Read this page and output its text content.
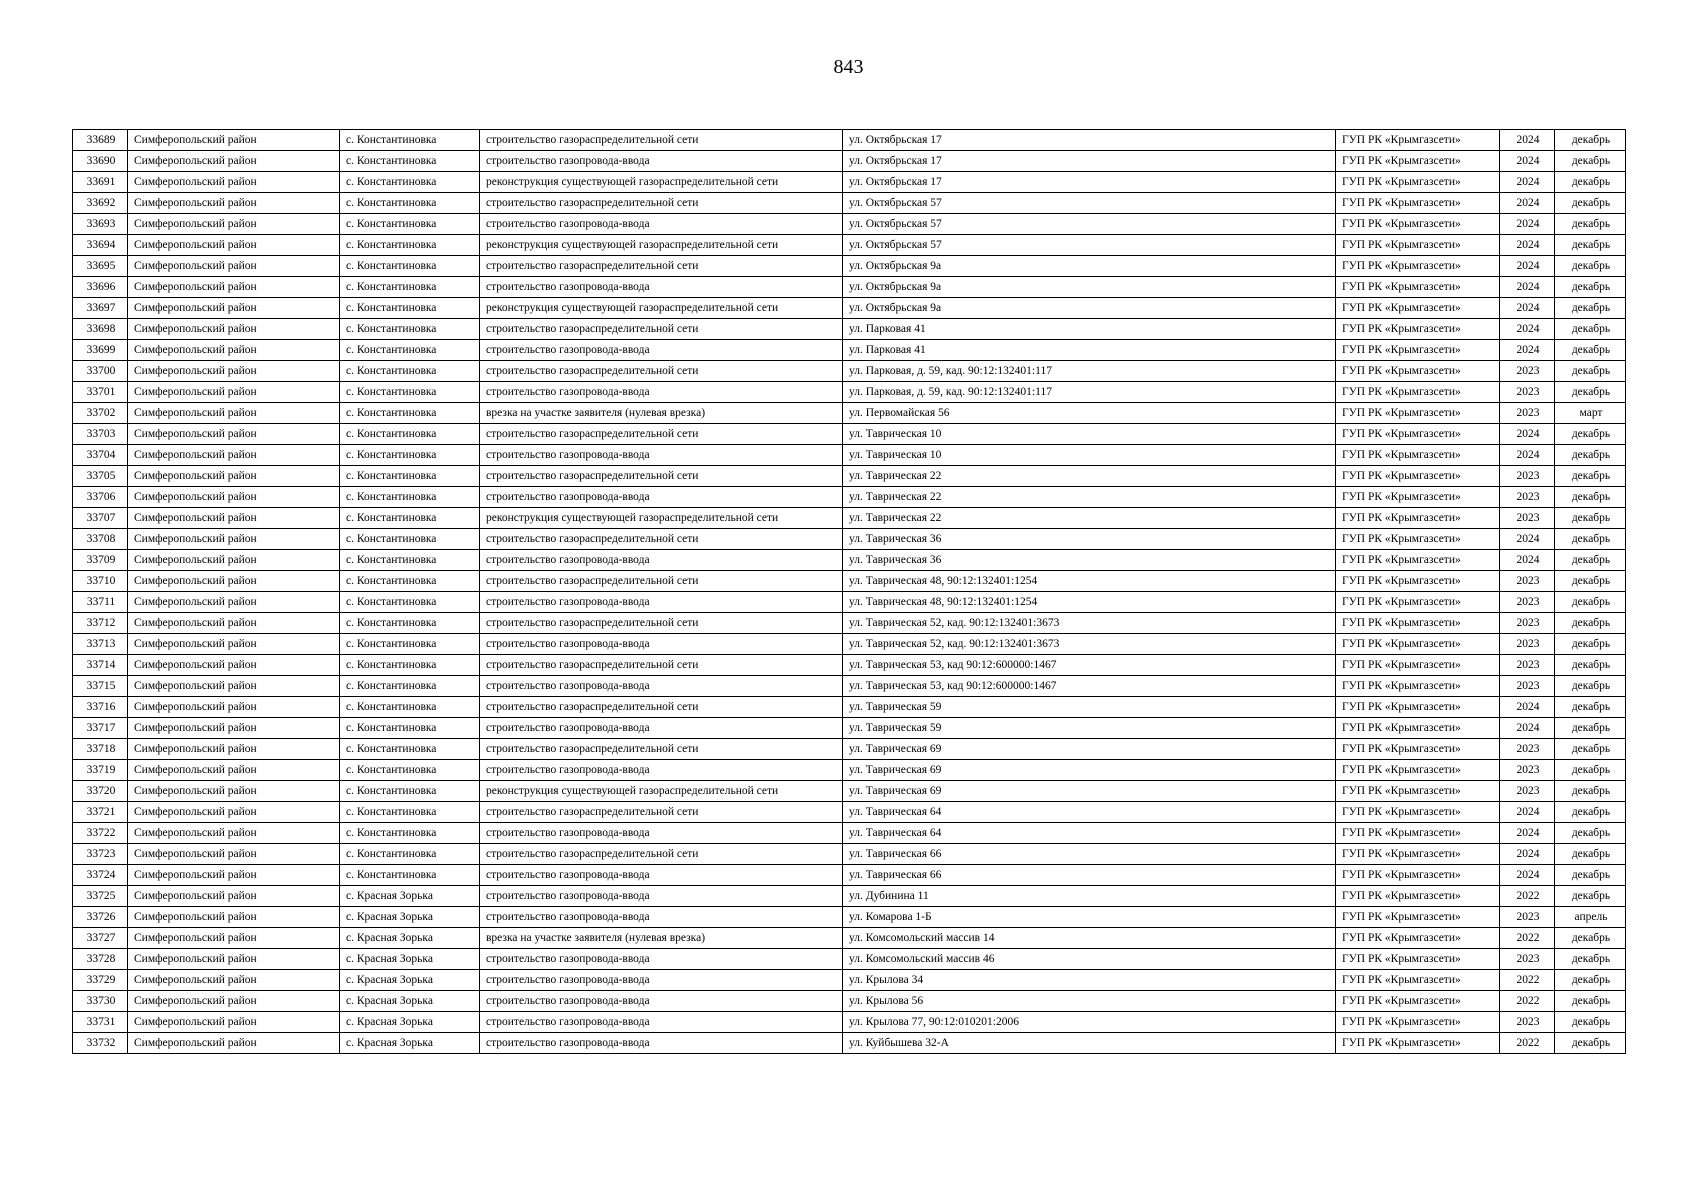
843
33689	Симферопольский район	с. Константиновка	строительство газораспределительной сети	ул. Октябрьская 17	ГУП РК «Крымгазсети»	2024	декабрь
33690	Симферопольский район	с. Константиновка	строительство газопровода-ввода	ул. Октябрьская 17	ГУП РК «Крымгазсети»	2024	декабрь
33691	Симферопольский район	с. Константиновка	реконструкция существующей газораспределительной сети	ул. Октябрьская 17	ГУП РК «Крымгазсети»	2024	декабрь
33692	Симферопольский район	с. Константиновка	строительство газораспределительной сети	ул. Октябрьская 57	ГУП РК «Крымгазсети»	2024	декабрь
33693	Симферопольский район	с. Константиновка	строительство газопровода-ввода	ул. Октябрьская 57	ГУП РК «Крымгазсети»	2024	декабрь
33694	Симферопольский район	с. Константиновка	реконструкция существующей газораспределительной сети	ул. Октябрьская 57	ГУП РК «Крымгазсети»	2024	декабрь
33695	Симферопольский район	с. Константиновка	строительство газораспределительной сети	ул. Октябрьская 9а	ГУП РК «Крымгазсети»	2024	декабрь
33696	Симферопольский район	с. Константиновка	строительство газопровода-ввода	ул. Октябрьская 9а	ГУП РК «Крымгазсети»	2024	декабрь
33697	Симферопольский район	с. Константиновка	реконструкция существующей газораспределительной сети	ул. Октябрьская 9а	ГУП РК «Крымгазсети»	2024	декабрь
33698	Симферопольский район	с. Константиновка	строительство газораспределительной сети	ул. Парковая 41	ГУП РК «Крымгазсети»	2024	декабрь
33699	Симферопольский район	с. Константиновка	строительство газопровода-ввода	ул. Парковая 41	ГУП РК «Крымгазсети»	2024	декабрь
33700	Симферопольский район	с. Константиновка	строительство газораспределительной сети	ул. Парковая, д. 59, кад. 90:12:132401:117	ГУП РК «Крымгазсети»	2023	декабрь
33701	Симферопольский район	с. Константиновка	строительство газопровода-ввода	ул. Парковая, д. 59, кад. 90:12:132401:117	ГУП РК «Крымгазсети»	2023	декабрь
33702	Симферопольский район	с. Константиновка	врезка на участке заявителя (нулевая врезка)	ул. Первомайская 56	ГУП РК «Крымгазсети»	2023	март
33703	Симферопольский район	с. Константиновка	строительство газораспределительной сети	ул. Таврическая 10	ГУП РК «Крымгазсети»	2024	декабрь
33704	Симферопольский район	с. Константиновка	строительство газопровода-ввода	ул. Таврическая 10	ГУП РК «Крымгазсети»	2024	декабрь
33705	Симферопольский район	с. Константиновка	строительство газораспределительной сети	ул. Таврическая 22	ГУП РК «Крымгазсети»	2023	декабрь
33706	Симферопольский район	с. Константиновка	строительство газопровода-ввода	ул. Таврическая 22	ГУП РК «Крымгазсети»	2023	декабрь
33707	Симферопольский район	с. Константиновка	реконструкция существующей газораспределительной сети	ул. Таврическая 22	ГУП РК «Крымгазсети»	2023	декабрь
33708	Симферопольский район	с. Константиновка	строительство газораспределительной сети	ул. Таврическая 36	ГУП РК «Крымгазсети»	2024	декабрь
33709	Симферопольский район	с. Константиновка	строительство газопровода-ввода	ул. Таврическая 36	ГУП РК «Крымгазсети»	2024	декабрь
33710	Симферопольский район	с. Константиновка	строительство газораспределительной сети	ул. Таврическая 48, 90:12:132401:1254	ГУП РК «Крымгазсети»	2023	декабрь
33711	Симферопольский район	с. Константиновка	строительство газопровода-ввода	ул. Таврическая 48, 90:12:132401:1254	ГУП РК «Крымгазсети»	2023	декабрь
33712	Симферопольский район	с. Константиновка	строительство газораспределительной сети	ул. Таврическая 52, кад. 90:12:132401:3673	ГУП РК «Крымгазсети»	2023	декабрь
33713	Симферопольский район	с. Константиновка	строительство газопровода-ввода	ул. Таврическая 52, кад. 90:12:132401:3673	ГУП РК «Крымгазсети»	2023	декабрь
33714	Симферопольский район	с. Константиновка	строительство газораспределительной сети	ул. Таврическая 53, кад 90:12:600000:1467	ГУП РК «Крымгазсети»	2023	декабрь
33715	Симферопольский район	с. Константиновка	строительство газопровода-ввода	ул. Таврическая 53, кад 90:12:600000:1467	ГУП РК «Крымгазсети»	2023	декабрь
33716	Симферопольский район	с. Константиновка	строительство газораспределительной сети	ул. Таврическая 59	ГУП РК «Крымгазсети»	2024	декабрь
33717	Симферопольский район	с. Константиновка	строительство газопровода-ввода	ул. Таврическая 59	ГУП РК «Крымгазсети»	2024	декабрь
33718	Симферопольский район	с. Константиновка	строительство газораспределительной сети	ул. Таврическая 69	ГУП РК «Крымгазсети»	2023	декабрь
33719	Симферопольский район	с. Константиновка	строительство газопровода-ввода	ул. Таврическая 69	ГУП РК «Крымгазсети»	2023	декабрь
33720	Симферопольский район	с. Константиновка	реконструкция существующей газораспределительной сети	ул. Таврическая 69	ГУП РК «Крымгазсети»	2023	декабрь
33721	Симферопольский район	с. Константиновка	строительство газораспределительной сети	ул. Таврическая 64	ГУП РК «Крымгазсети»	2024	декабрь
33722	Симферопольский район	с. Константиновка	строительство газопровода-ввода	ул. Таврическая 64	ГУП РК «Крымгазсети»	2024	декабрь
33723	Симферопольский район	с. Константиновка	строительство газораспределительной сети	ул. Таврическая 66	ГУП РК «Крымгазсети»	2024	декабрь
33724	Симферопольский район	с. Константиновка	строительство газопровода-ввода	ул. Таврическая 66	ГУП РК «Крымгазсети»	2024	декабрь
33725	Симферопольский район	с. Красная Зорька	строительство газопровода-ввода	ул. Дубинина 11	ГУП РК «Крымгазсети»	2022	декабрь
33726	Симферопольский район	с. Красная Зорька	строительство газопровода-ввода	ул. Комарова 1-Б	ГУП РК «Крымгазсети»	2023	апрель
33727	Симферопольский район	с. Красная Зорька	врезка на участке заявителя (нулевая врезка)	ул. Комсомольский массив 14	ГУП РК «Крымгазсети»	2022	декабрь
33728	Симферопольский район	с. Красная Зорька	строительство газопровода-ввода	ул. Комсомольский массив 46	ГУП РК «Крымгазсети»	2023	декабрь
33729	Симферопольский район	с. Красная Зорька	строительство газопровода-ввода	ул. Крылова 34	ГУП РК «Крымгазсети»	2022	декабрь
33730	Симферопольский район	с. Красная Зорька	строительство газопровода-ввода	ул. Крылова 56	ГУП РК «Крымгазсети»	2022	декабрь
33731	Симферопольский район	с. Красная Зорька	строительство газопровода-ввода	ул. Крылова 77, 90:12:010201:2006	ГУП РК «Крымгазсети»	2023	декабрь
33732	Симферопольский район	с. Красная Зорька	строительство газопровода-ввода	ул. Куйбышева 32-А	ГУП РК «Крымгазсети»	2022	декабрь
